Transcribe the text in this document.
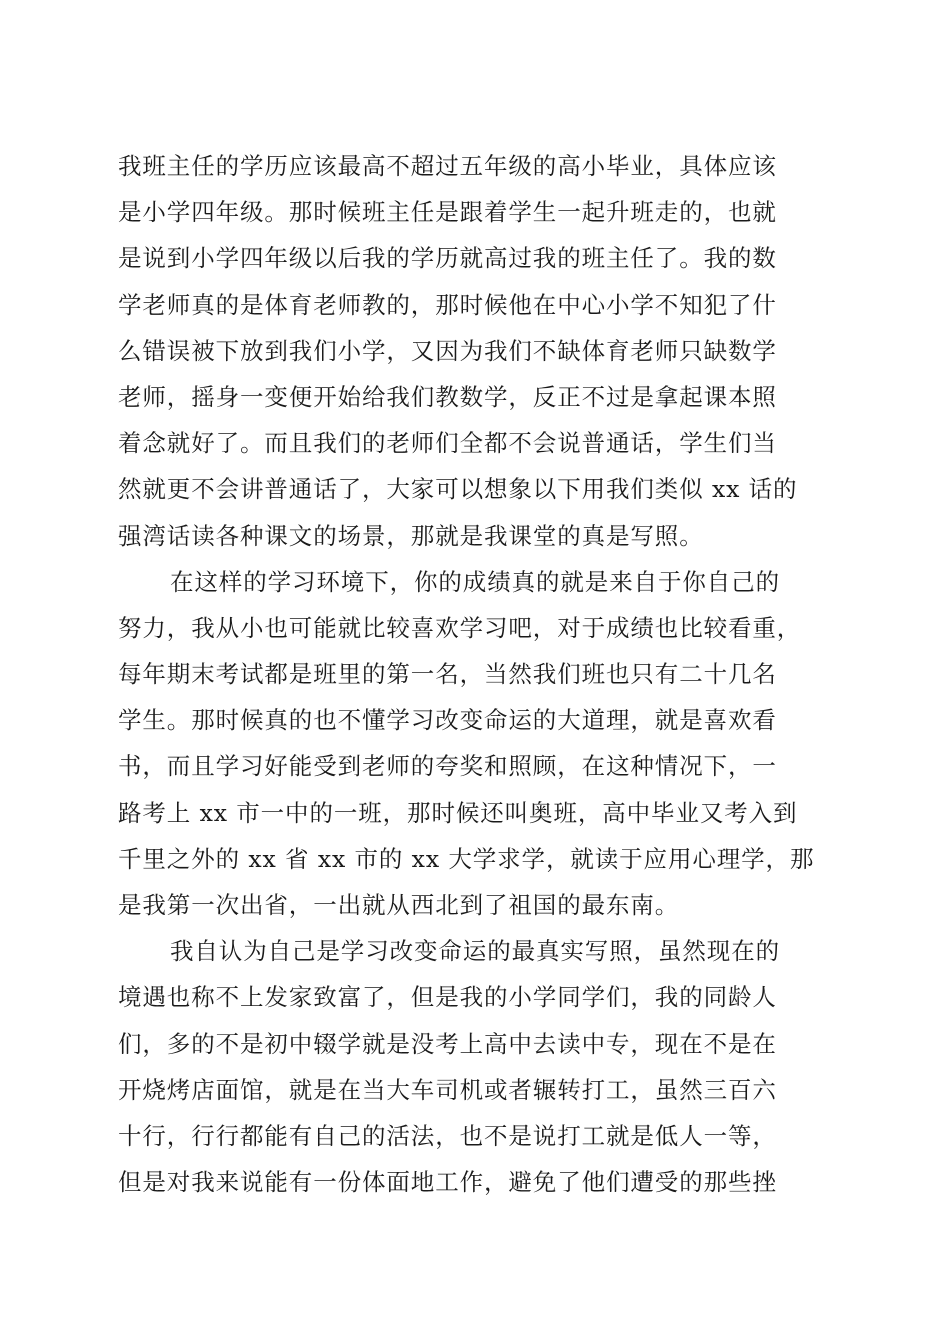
我班主任的学历应该最高不超过五年级的高小毕业，具体应该
是小学四年级。那时候班主任是跟着学生一起升班走的，也就
是说到小学四年级以后我的学历就高过我的班主任了。我的数
学老师真的是体育老师教的，那时候他在中心小学不知犯了什
么错误被下放到我们小学，又因为我们不缺体育老师只缺数学
老师，摇身一变便开始给我们教数学，反正不过是拿起课本照
着念就好了。而且我们的老师们全都不会说普通话，学生们当
然就更不会讲普通话了，大家可以想象以下用我们类似 xx 话的
强湾话读各种课文的场景，那就是我课堂的真是写照。
在这样的学习环境下，你的成绩真的就是来自于你自己的
努力，我从小也可能就比较喜欢学习吧，对于成绩也比较看重，
每年期末考试都是班里的第一名，当然我们班也只有二十几名
学生。那时候真的也不懂学习改变命运的大道理，就是喜欢看
书，而且学习好能受到老师的夸奖和照顾，在这种情况下，一
路考上 xx 市一中的一班，那时候还叫奥班，高中毕业又考入到
千里之外的 xx 省 xx 市的 xx 大学求学，就读于应用心理学，那
是我第一次出省，一出就从西北到了祖国的最东南。
我自认为自己是学习改变命运的最真实写照，虽然现在的
境遇也称不上发家致富了，但是我的小学同学们，我的同龄人
们，多的不是初中辍学就是没考上高中去读中专，现在不是在
开烧烤店面馆，就是在当大车司机或者辗转打工，虽然三百六
十行，行行都能有自己的活法，也不是说打工就是低人一等，
但是对我来说能有一份体面地工作，避免了他们遭受的那些挫
